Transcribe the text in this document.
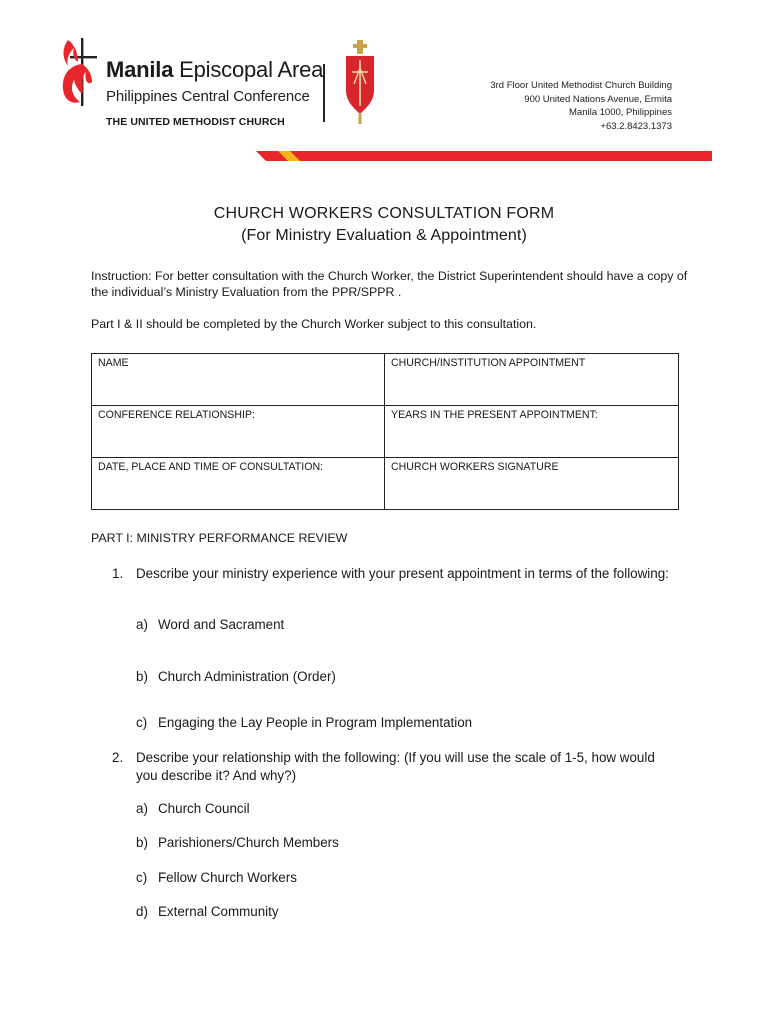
Manila Episcopal Area
Philippines Central Conference
THE UNITED METHODIST CHURCH
3rd Floor United Methodist Church Building
900 United Nations Avenue, Ermita
Manila 1000, Philippines
+63.2.8423.1373
CHURCH WORKERS CONSULTATION FORM
(For Ministry Evaluation & Appointment)
Instruction: For better consultation with the Church Worker, the District Superintendent should have a copy of the individual’s Ministry Evaluation from the PPR/SPPR .
Part I & II should be completed by the Church Worker subject to this consultation.
NAME	CHURCH/INSTITUTION APPOINTMENT
CONFERENCE RELATIONSHIP:	YEARS IN THE PRESENT APPOINTMENT:
DATE, PLACE AND TIME OF CONSULTATION:	CHURCH WORKERS SIGNATURE
PART I: MINISTRY PERFORMANCE REVIEW
1. Describe your ministry experience with your present appointment in terms of the following:
a) Word and Sacrament
b) Church Administration (Order)
c) Engaging the Lay People in Program Implementation
2. Describe your relationship with the following: (If you will use the scale of 1-5, how would you describe it? And why?)
a) Church Council
b) Parishioners/Church Members
c) Fellow Church Workers
d) External Community
